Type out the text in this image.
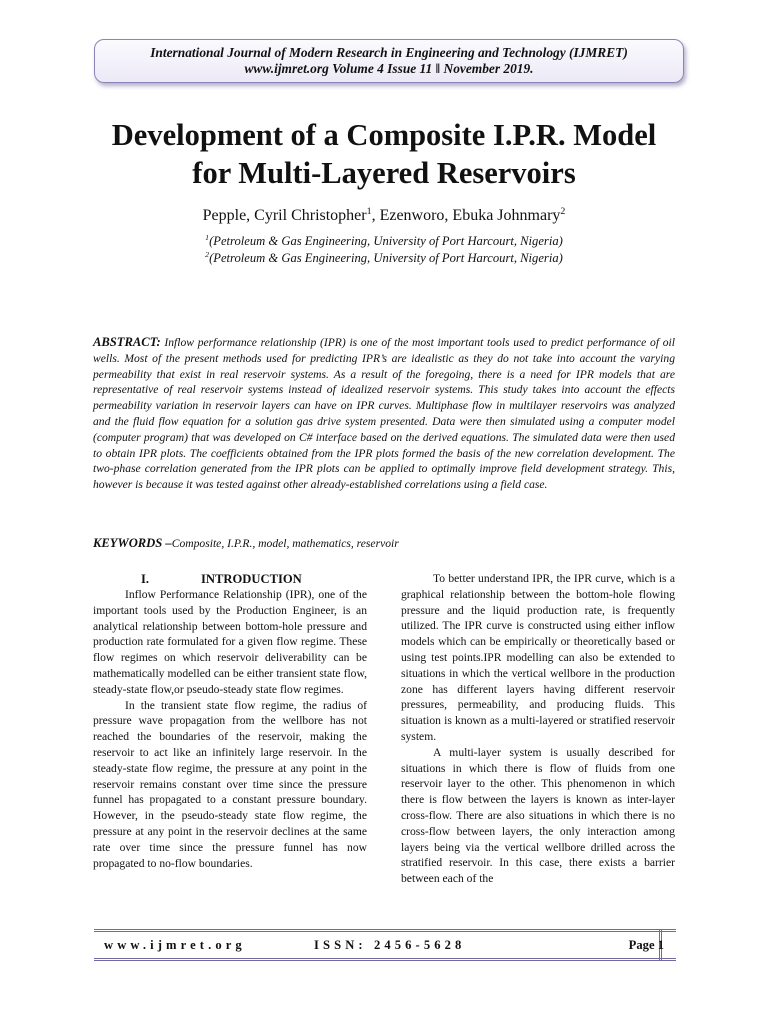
International Journal of Modern Research in Engineering and Technology (IJMRET)
www.ijmret.org Volume 4 Issue 11 ǁ November 2019.
Development of a Composite I.P.R. Model
for Multi-Layered Reservoirs
Pepple, Cyril Christopher$^1$, Ezenworo, Ebuka Johnmary$^2$
$^1$(Petroleum & Gas Engineering, University of Port Harcourt, Nigeria)
$^2$(Petroleum & Gas Engineering, University of Port Harcourt, Nigeria)
ABSTRACT: Inflow performance relationship (IPR) is one of the most important tools used to predict performance of oil wells. Most of the present methods used for predicting IPR’s are idealistic as they do not take into account the varying permeability that exist in real reservoir systems. As a result of the foregoing, there is a need for IPR models that are representative of real reservoir systems instead of idealized reservoir systems. This study takes into account the effects permeability variation in reservoir layers can have on IPR curves. Multiphase flow in multilayer reservoirs was analyzed and the fluid flow equation for a solution gas drive system presented. Data were then simulated using a computer model (computer program) that was developed on C# interface based on the derived equations. The simulated data were then used to obtain IPR plots. The coefficients obtained from the IPR plots formed the basis of the new correlation development. The two-phase correlation generated from the IPR plots can be applied to optimally improve field development strategy. This, however is because it was tested against other already-established correlations using a field case.
KEYWORDS –Composite, I.P.R., model, mathematics, reservoir
I.	INTRODUCTION

Inflow Performance Relationship (IPR), one of the important tools used by the Production Engineer, is an analytical relationship between bottom-hole pressure and production rate formulated for a given flow regime. These flow regimes on which reservoir deliverability can be mathematically modelled can be either transient state flow, steady-state flow,or pseudo-steady state flow regimes.

In the transient state flow regime, the radius of pressure wave propagation from the wellbore has not reached the boundaries of the reservoir, making the reservoir to act like an infinitely large reservoir. In the steady-state flow regime, the pressure at any point in the reservoir remains constant over time since the pressure funnel has propagated to a constant pressure boundary. However, in the pseudo-steady state flow regime, the pressure at any point in the reservoir declines at the same rate over time since the pressure funnel has now propagated to no-flow boundaries.

To better understand IPR, the IPR curve, which is a graphical relationship between the bottom-hole flowing pressure and the liquid production rate, is frequently utilized. The IPR curve is constructed using either inflow models which can be empirically or theoretically based or using test points.IPR modelling can also be extended to situations in which the vertical wellbore in the production zone has different layers having different reservoir pressures, permeability, and producing fluids. This situation is known as a multi-layered or stratified reservoir system.

A multi-layer system is usually described for situations in which there is flow of fluids from one reservoir layer to the other. This phenomenon in which there is flow between the layers is known as inter-layer cross-flow. There are also situations in which there is no cross-flow between layers, the only interaction among layers being via the vertical wellbore drilled across the stratified reservoir. In this case, there exists a barrier between each of the

www.ijmret.org	ISSN: 2456-5628	Page 1
